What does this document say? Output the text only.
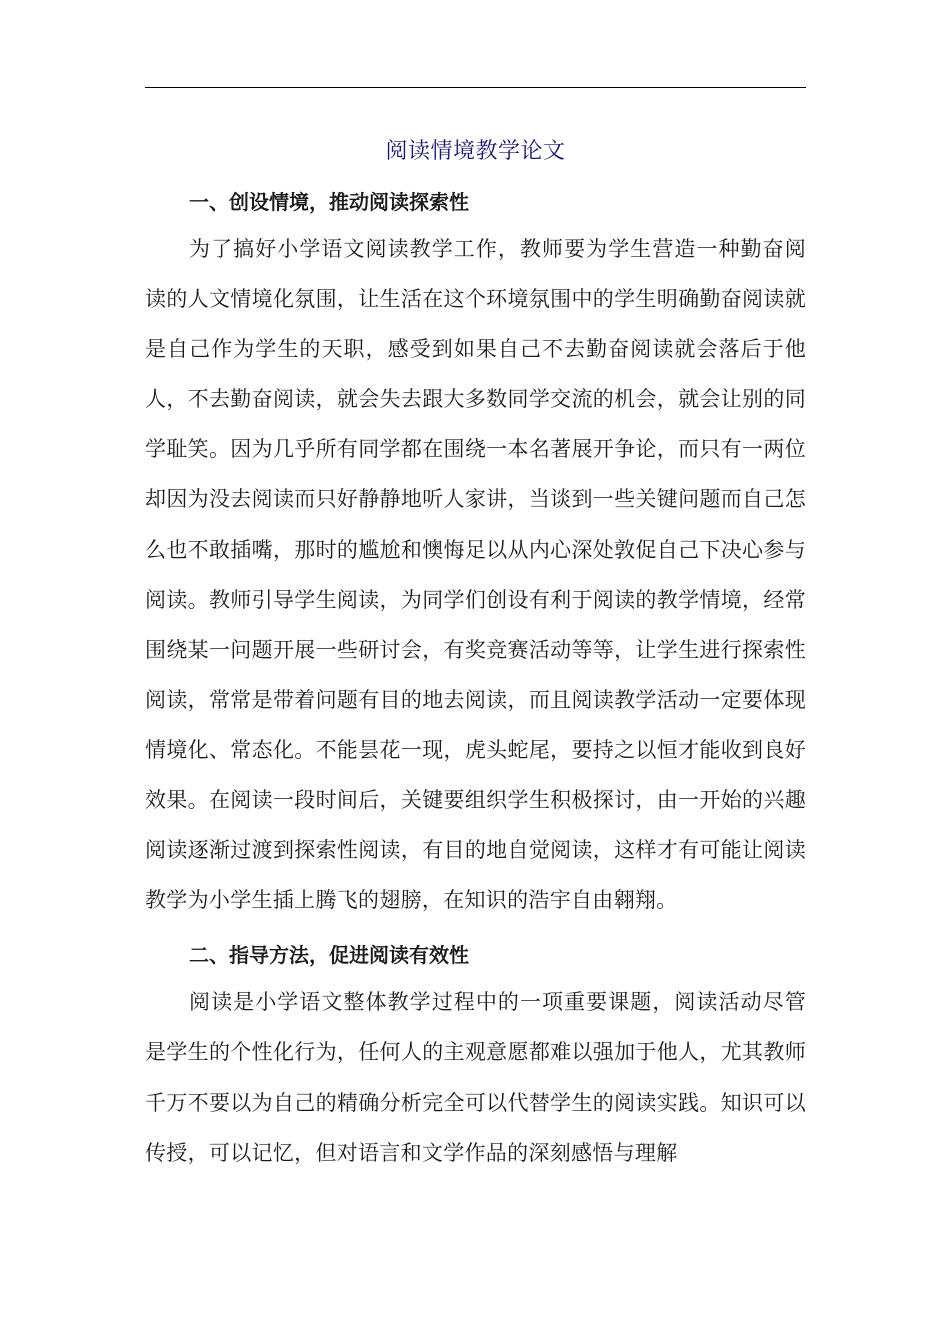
阅读情境教学论文
一、创设情境，推动阅读探索性

为了搞好小学语文阅读教学工作，教师要为学生营造一种勤奋阅读的人文情境化氛围，让生活在这个环境氛围中的学生明确勤奋阅读就是自己作为学生的天职，感受到如果自己不去勤奋阅读就会落后于他人，不去勤奋阅读，就会失去跟大多数同学交流的机会，就会让别的同学耻笑。因为几乎所有同学都在围绕一本名著展开争论，而只有一两位却因为没去阅读而只好静静地听人家讲，当谈到一些关键问题而自己怎么也不敢插嘴，那时的尴尬和懊悔足以从内心深处敦促自己下决心参与阅读。教师引导学生阅读，为同学们创设有利于阅读的教学情境，经常围绕某一问题开展一些研讨会，有奖竞赛活动等等，让学生进行探索性阅读，常常是带着问题有目的地去阅读，而且阅读教学活动一定要体现情境化、常态化。不能昙花一现，虎头蛇尾，要持之以恒才能收到良好效果。在阅读一段时间后，关键要组织学生积极探讨，由一开始的兴趣阅读逐渐过渡到探索性阅读，有目的地自觉阅读，这样才有可能让阅读教学为小学生插上腾飞的翅膀，在知识的浩宇自由翱翔。

二、指导方法，促进阅读有效性

阅读是小学语文整体教学过程中的一项重要课题，阅读活动尽管是学生的个性化行为，任何人的主观意愿都难以强加于他人，尤其教师千万不要以为自己的精确分析完全可以代替学生的阅读实践。知识可以传授，可以记忆，但对语言和文学作品的深刻感悟与理解
